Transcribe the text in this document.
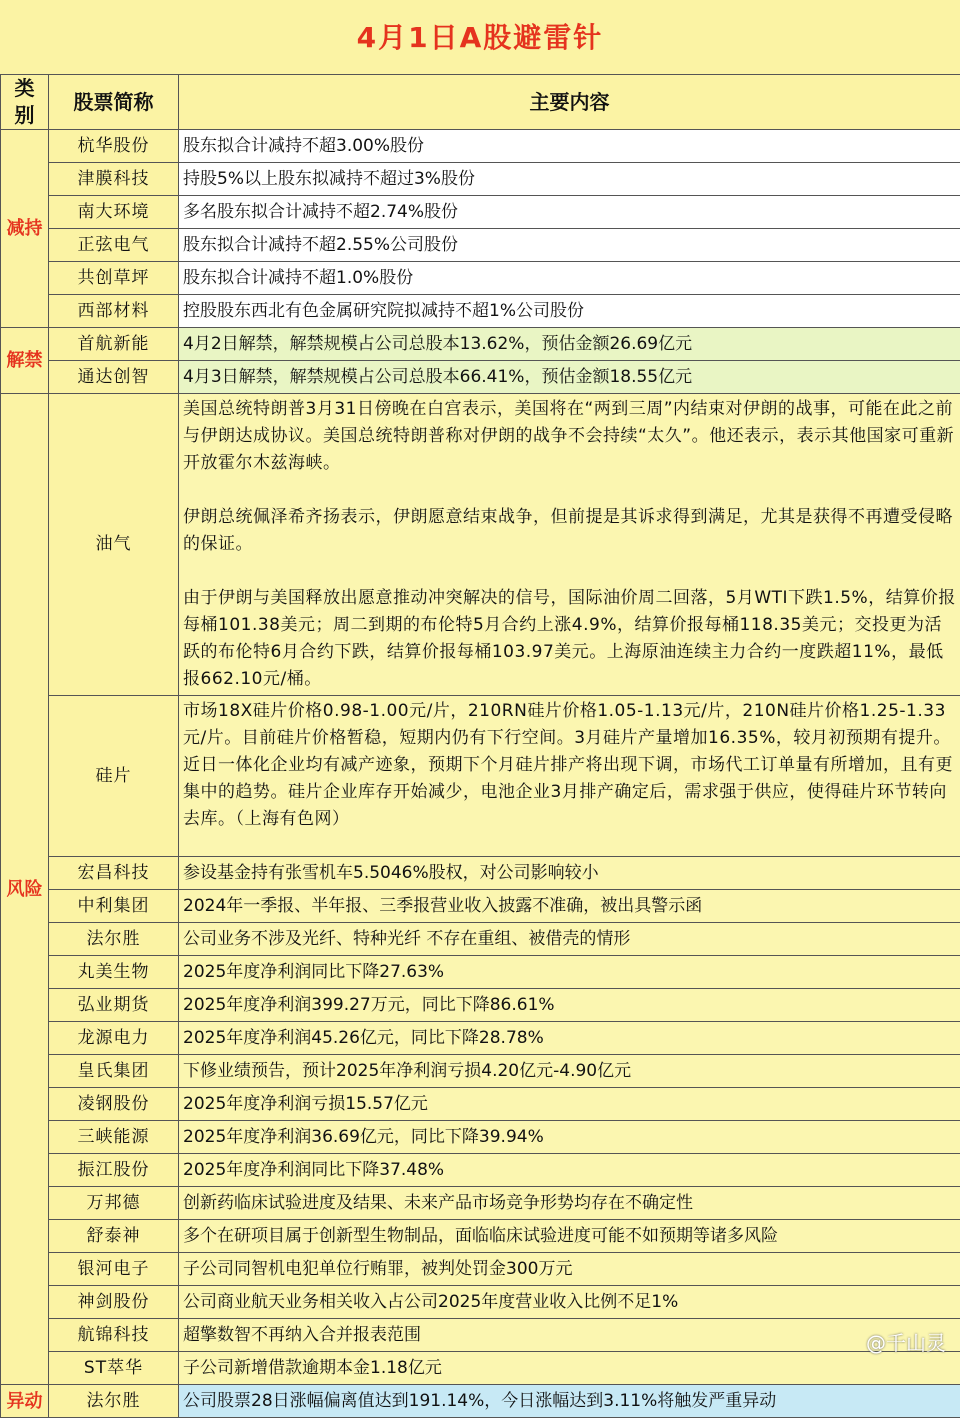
4月1日A股避雷针
类别	股票简称	主要内容
减持	杭华股份	股东拟合计减持不超3.00%股份
	津膜科技	持股5%以上股东拟减持不超过3%股份
	南大环境	多名股东拟合计减持不超2.74%股份
	正弦电气	股东拟合计减持不超2.55%公司股份
	共创草坪	股东拟合计减持不超1.0%股份
	西部材料	控股股东西北有色金属研究院拟减持不超1%公司股份
解禁	首航新能	4月2日解禁，解禁规模占公司总股本13.62%，预估金额26.69亿元
	通达创智	4月3日解禁，解禁规模占公司总股本66.41%，预估金额18.55亿元
风险	油气	美国总统特朗普3月31日傍晚在白宫表示，美国将在“两到三周”内结束对伊朗的战事，可能在此之前与伊朗达成协议。美国总统特朗普称对伊朗的战争不会持续“太久”。他还表示，表示其他国家可重新开放霍尔木兹海峡。

伊朗总统佩泽希齐扬表示，伊朗愿意结束战争，但前提是其诉求得到满足，尤其是获得不再遭受侵略的保证。

由于伊朗与美国释放出愿意推动冲突解决的信号，国际油价周二回落，5月WTI下跌1.5%，结算价报每桶101.38美元；周二到期的布伦特5月合约上涨4.9%，结算价报每桶118.35美元；交投更为活跃的布伦特6月合约下跌，结算价报每桶103.97美元。上海原油连续主力合约一度跌超11%，最低报662.10元/桶。

	硅片	市场18X硅片价格0.98-1.00元/片，210RN硅片价格1.05-1.13元/片，210N硅片价格1.25-1.33元/片。目前硅片价格暂稳，短期内仍有下行空间。3月硅片产量增加16.35%，较月初预期有提升。近日一体化企业均有减产迹象，预期下个月硅片排产将出现下调，市场代工订单量有所增加，且有更集中的趋势。硅片企业库存开始减少，电池企业3月排产确定后，需求强于供应，使得硅片环节转向去库。（上海有色网）

	宏昌科技	参设基金持有张雪机车5.5046%股权，对公司影响较小
	中利集团	2024年一季报、半年报、三季报营业收入披露不准确，被出具警示函
	法尔胜	公司业务不涉及光纤、特种光纤 不存在重组、被借壳的情形
	丸美生物	2025年度净利润同比下降27.63%
	弘业期货	2025年度净利润399.27万元，同比下降86.61%
	龙源电力	2025年度净利润45.26亿元，同比下降28.78%
	皇氏集团	下修业绩预告，预计2025年净利润亏损4.20亿元-4.90亿元
	凌钢股份	2025年度净利润亏损15.57亿元
	三峡能源	2025年度净利润36.69亿元，同比下降39.94%
	振江股份	2025年度净利润同比下降37.48%
	万邦德	创新药临床试验进度及结果、未来产品市场竞争形势均存在不确定性
	舒泰神	多个在研项目属于创新型生物制品，面临临床试验进度可能不如预期等诸多风险
	银河电子	子公司同智机电犯单位行贿罪，被判处罚金300万元
	神剑股份	公司商业航天业务相关收入占公司2025年度营业收入比例不足1%
	航锦科技	超擎数智不再纳入合并报表范围
	ST萃华	子公司新增借款逾期本金1.18亿元
异动	法尔胜	公司股票28日涨幅偏离值达到191.14%，今日涨幅达到3.11%将触发严重异动
@千山灵
